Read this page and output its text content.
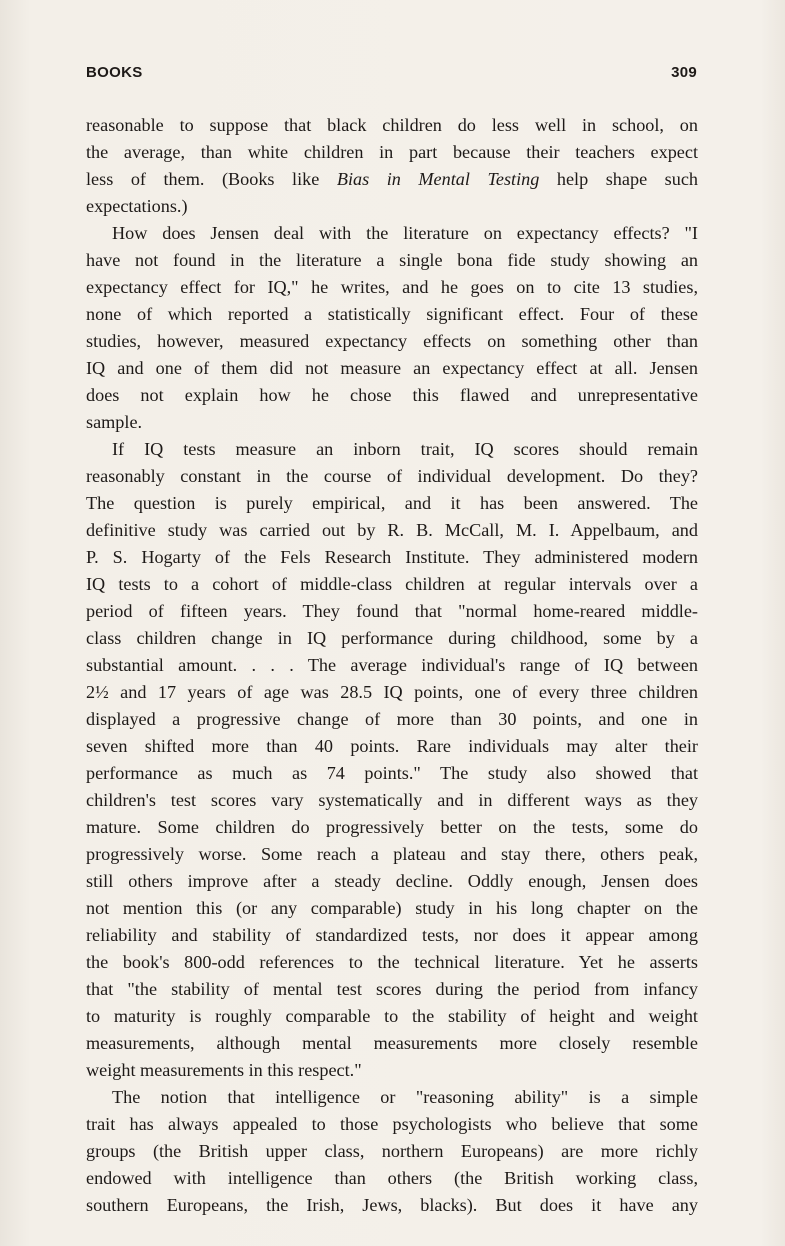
BOOKS	309
reasonable to suppose that black children do less well in school, on
the average, than white children in part because their teachers expect
less of them. (Books like Bias in Mental Testing help shape such
expectations.)
How does Jensen deal with the literature on expectancy effects? "I
have not found in the literature a single bona fide study showing an
expectancy effect for IQ," he writes, and he goes on to cite 13 studies,
none of which reported a statistically significant effect. Four of these
studies, however, measured expectancy effects on something other than
IQ and one of them did not measure an expectancy effect at all. Jensen
does not explain how he chose this flawed and unrepresentative
sample.
If IQ tests measure an inborn trait, IQ scores should remain
reasonably constant in the course of individual development. Do they?
The question is purely empirical, and it has been answered. The
definitive study was carried out by R. B. McCall, M. I. Appelbaum, and
P. S. Hogarty of the Fels Research Institute. They administered modern
IQ tests to a cohort of middle-class children at regular intervals over a
period of fifteen years. They found that "normal home-reared middle-
class children change in IQ performance during childhood, some by a
substantial amount. . . . The average individual's range of IQ between
2½ and 17 years of age was 28.5 IQ points, one of every three children
displayed a progressive change of more than 30 points, and one in
seven shifted more than 40 points. Rare individuals may alter their
performance as much as 74 points." The study also showed that
children's test scores vary systematically and in different ways as they
mature. Some children do progressively better on the tests, some do
progressively worse. Some reach a plateau and stay there, others peak,
still others improve after a steady decline. Oddly enough, Jensen does
not mention this (or any comparable) study in his long chapter on the
reliability and stability of standardized tests, nor does it appear among
the book's 800-odd references to the technical literature. Yet he asserts
that "the stability of mental test scores during the period from infancy
to maturity is roughly comparable to the stability of height and weight
measurements, although mental measurements more closely resemble
weight measurements in this respect."
The notion that intelligence or "reasoning ability" is a simple
trait has always appealed to those psychologists who believe that some
groups (the British upper class, northern Europeans) are more richly
endowed with intelligence than others (the British working class,
southern Europeans, the Irish, Jews, blacks). But does it have any
